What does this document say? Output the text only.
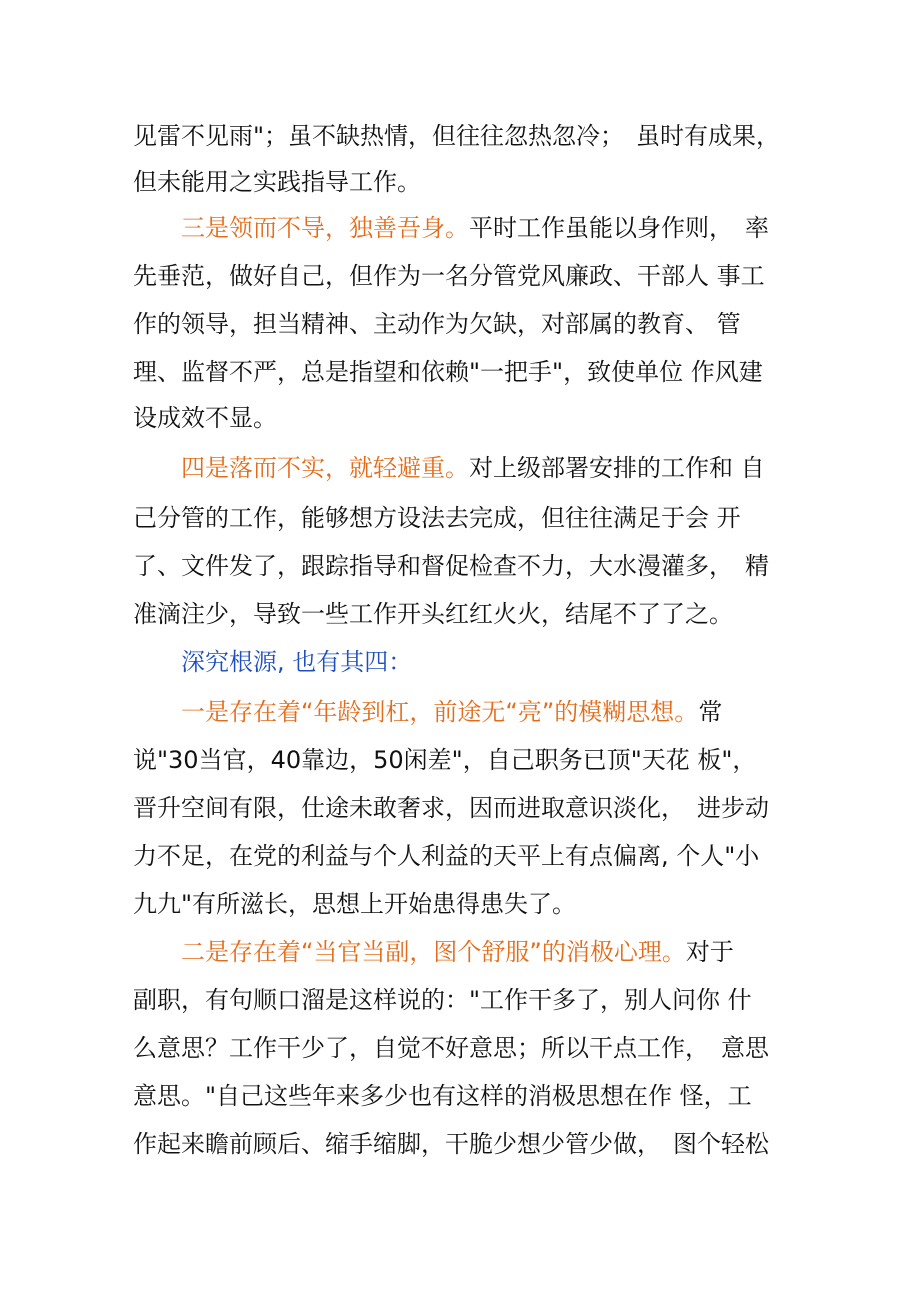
见雷不见雨"；虽不缺热情，但往往忽热忽冷；　虽时有成果，
但未能用之实践指导工作。
三是领而不导，独善吾身。平时工作虽能以身作则，　率
先垂范，做好自己，但作为一名分管党风廉政、干部人 事工
作的领导，担当精神、主动作为欠缺，对部属的教育、 管
理、监督不严，总是指望和依赖"一把手"，致使单位 作风建
设成效不显。
四是落而不实，就轻避重。对上级部署安排的工作和 自
己分管的工作，能够想方设法去完成，但往往满足于会 开
了、文件发了，跟踪指导和督促检查不力，大水漫灌多，　精
准滴注少，导致一些工作开头红红火火，结尾不了了之。
深究根源, 也有其四：
一是存在着“年龄到杠，前途无“亮”的模糊思想。常
说"30当官，40靠边，50闲差"，自己职务已顶"天花 板"，
晋升空间有限，仕途未敢奢求，因而进取意识淡化，　进步动
力不足，在党的利益与个人利益的天平上有点偏离, 个人"小
九九"有所滋长，思想上开始患得患失了。
二是存在着“当官当副，图个舒服”的消极心理。对于
副职，有句顺口溜是这样说的："工作干多了，别人问你 什
么意思？工作干少了，自觉不好意思；所以干点工作，　意思
意思。"自己这些年来多少也有这样的消极思想在作 怪，工
作起来瞻前顾后、缩手缩脚，干脆少想少管少做，　图个轻松
